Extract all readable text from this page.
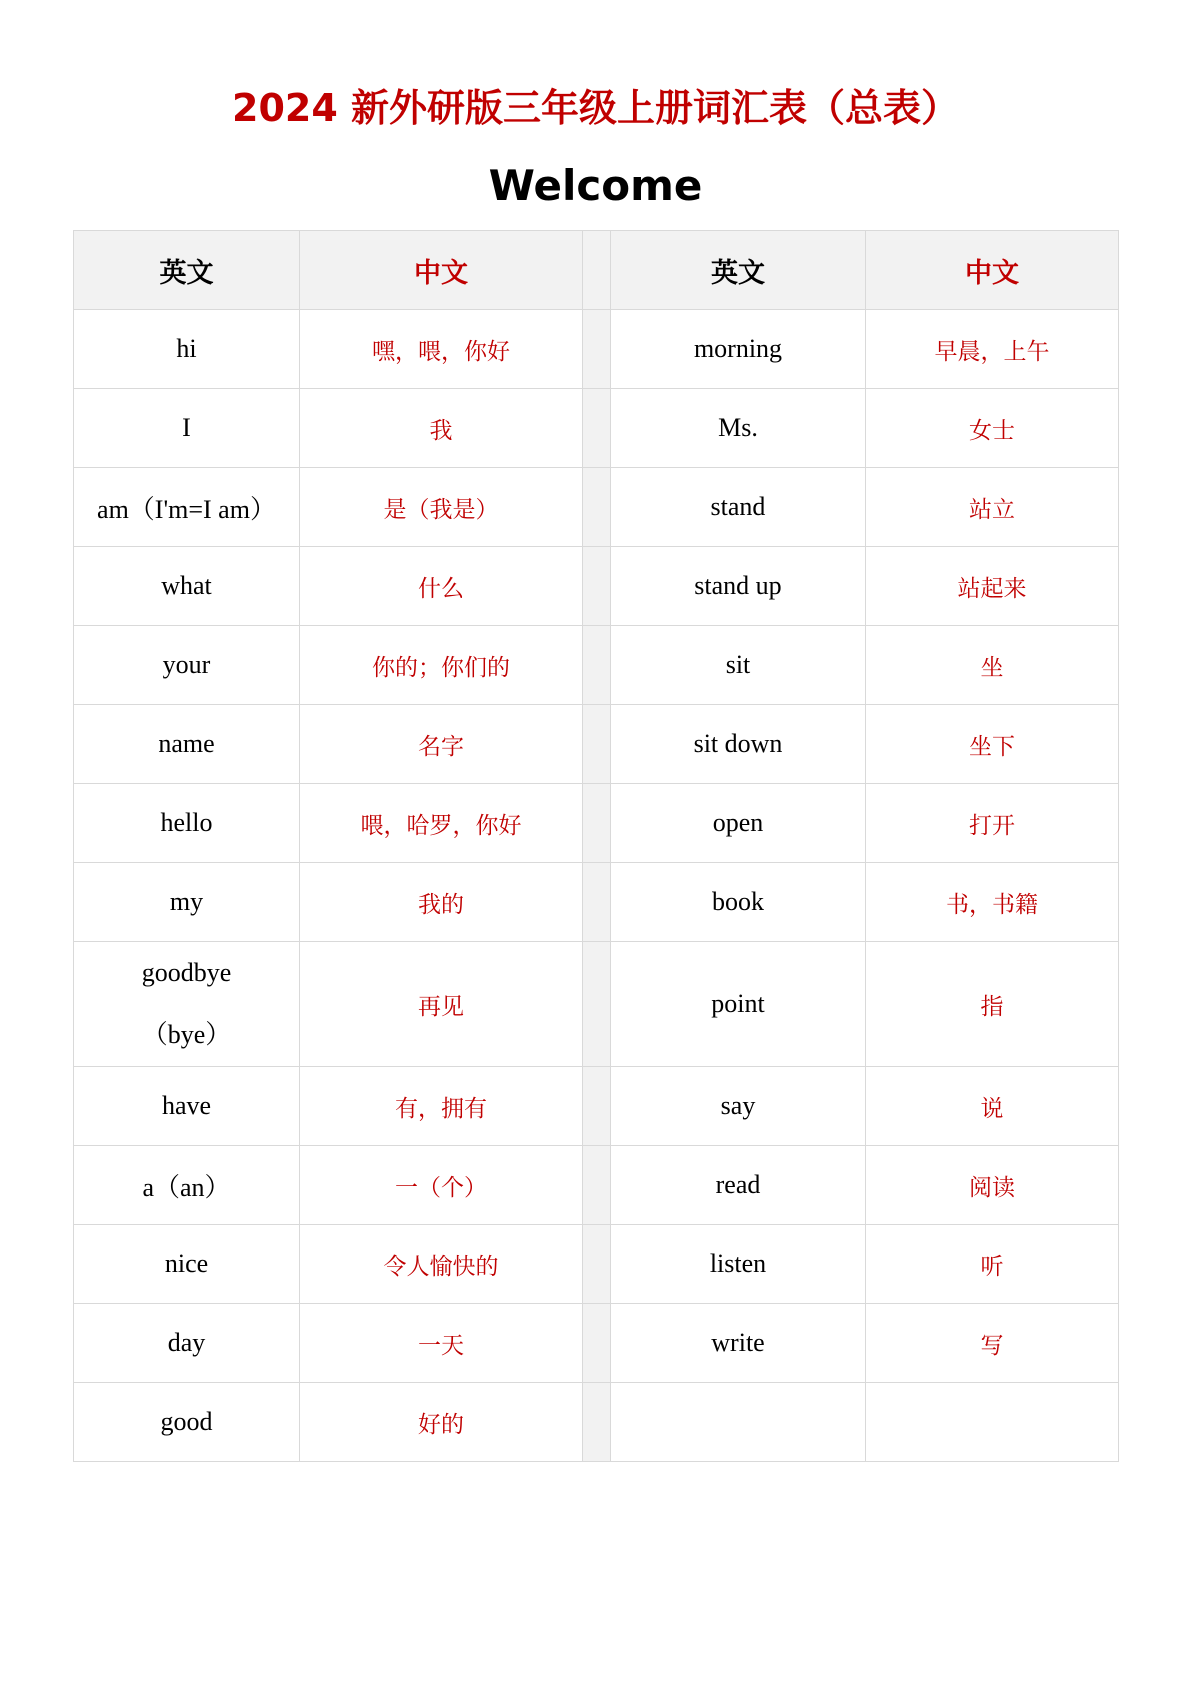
2024 新外研版三年级上册词汇表（总表）
Welcome
英文	中文		英文	中文
hi	嘿，喂，你好		morning	早晨，上午
I	我		Ms.	女士
am（I'm=I am）	是（我是）		stand	站立
what	什么		stand up	站起来
your	你的；你们的		sit	坐
name	名字		sit down	坐下
hello	喂，哈罗，你好		open	打开
my	我的		book	书，书籍

goodbye
（bye）	再见		point	指
have	有，拥有		say	说
a（an）	一（个）		read	阅读
nice	令人愉快的		listen	听
day	一天		write	写
good	好的			
